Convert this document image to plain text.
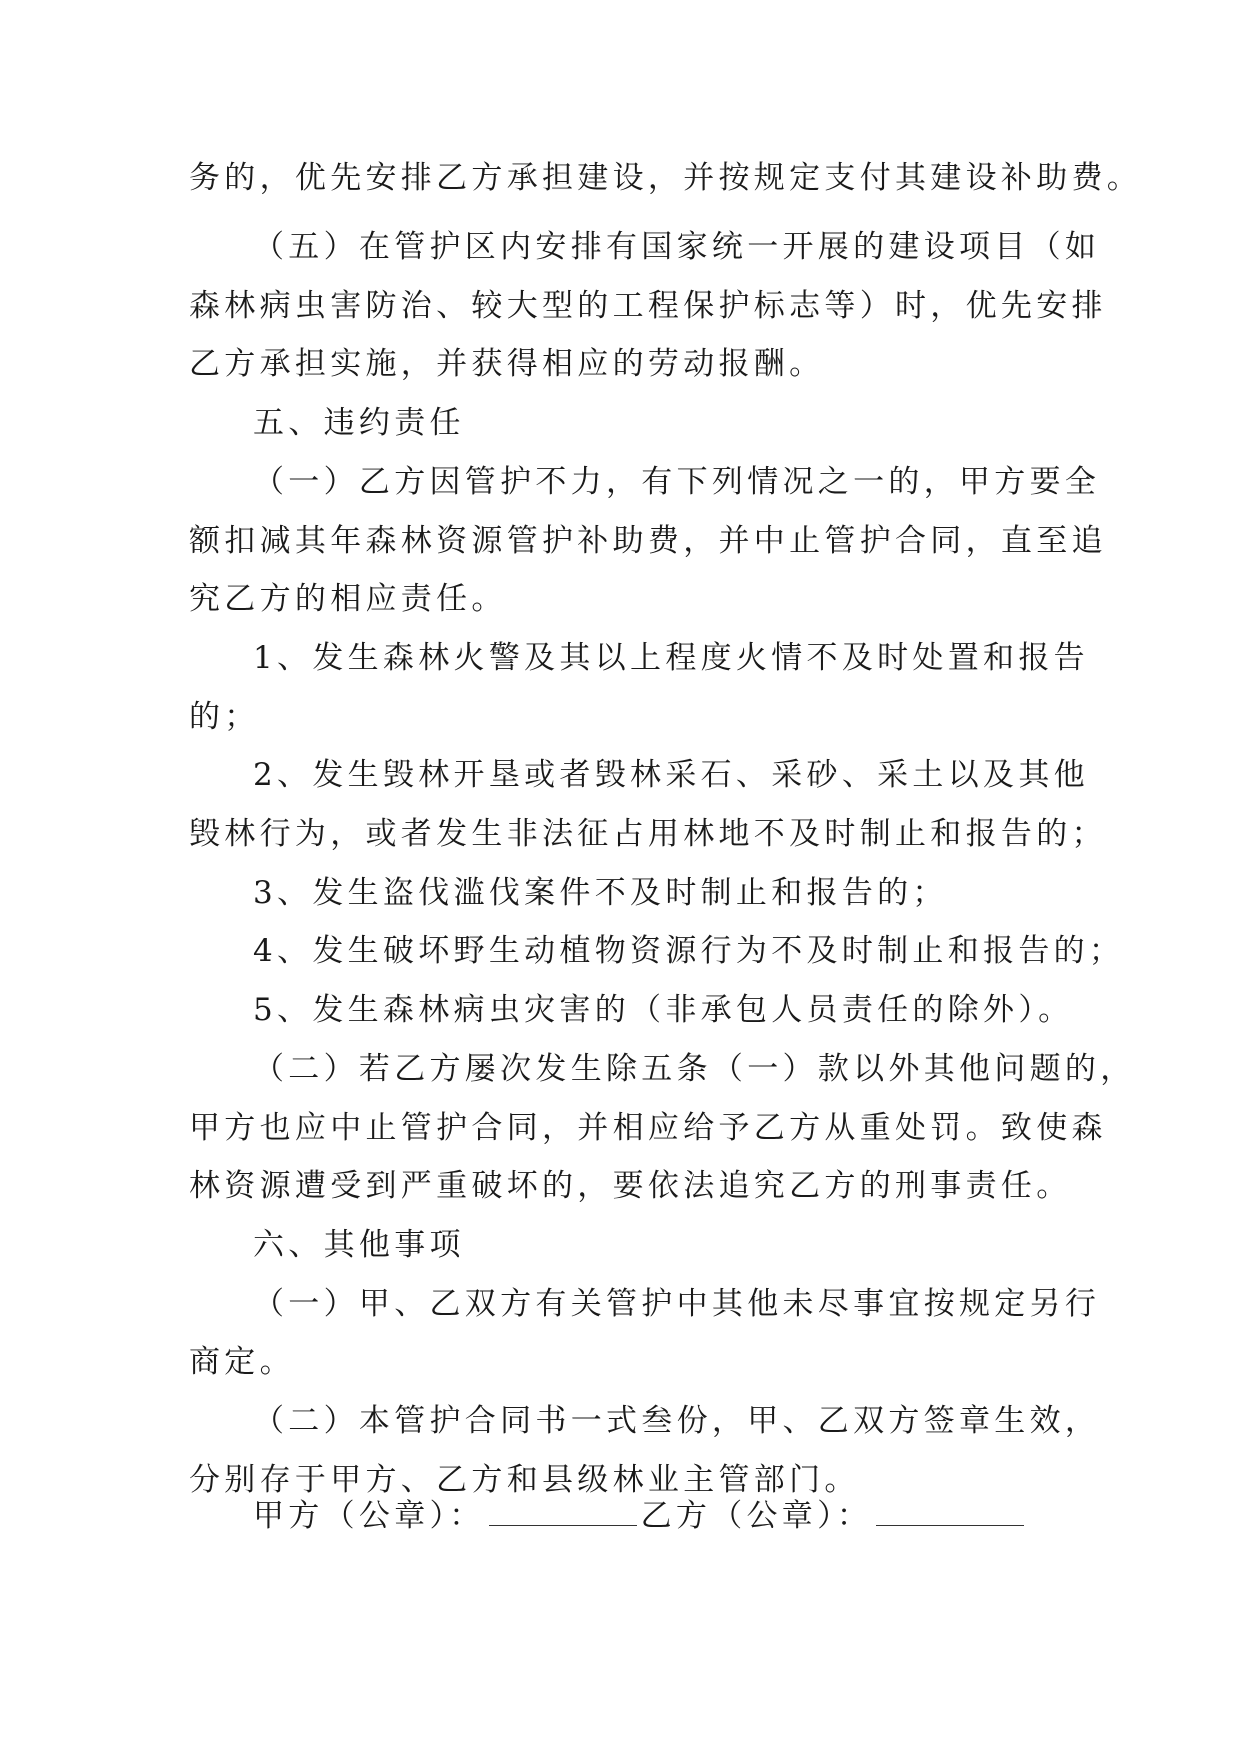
务的，优先安排乙方承担建设，并按规定支付其建设补助费。
（五）在管护区内安排有国家统一开展的建设项目（如
森林病虫害防治、较大型的工程保护标志等）时，优先安排
乙方承担实施，并获得相应的劳动报酬。
五、违约责任
（一）乙方因管护不力，有下列情况之一的，甲方要全
额扣减其年森林资源管护补助费，并中止管护合同，直至追
究乙方的相应责任。
1、发生森林火警及其以上程度火情不及时处置和报告
的；
2、发生毁林开垦或者毁林采石、采砂、采土以及其他
毁林行为，或者发生非法征占用林地不及时制止和报告的；
3、发生盗伐滥伐案件不及时制止和报告的；
4、发生破坏野生动植物资源行为不及时制止和报告的；
5、发生森林病虫灾害的（非承包人员责任的除外）。
（二）若乙方屡次发生除五条（一）款以外其他问题的，
甲方也应中止管护合同，并相应给予乙方从重处罚。致使森
林资源遭受到严重破坏的，要依法追究乙方的刑事责任。
六、其他事项
（一）甲、乙双方有关管护中其他未尽事宜按规定另行
商定。
（二）本管护合同书一式叁份，甲、乙双方签章生效，
分别存于甲方、乙方和县级林业主管部门。
甲方（公章）：	乙方（公章）：
